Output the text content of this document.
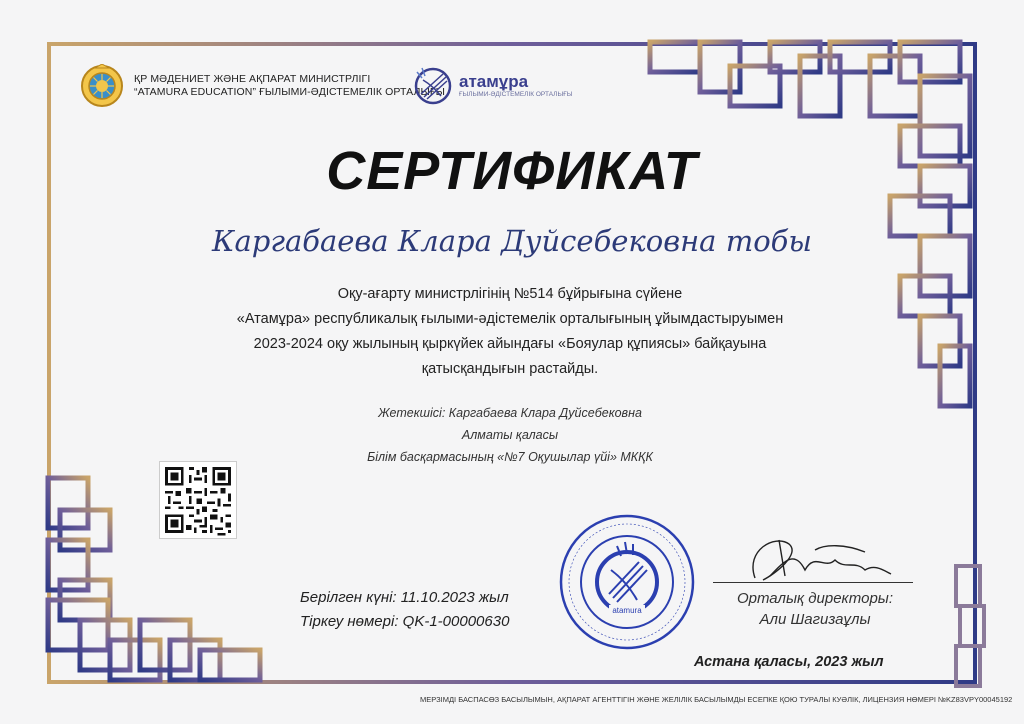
ҚР МӘДЕНИЕТ ЖӘНЕ АҚПАРАТ МИНИСТРЛІГІ
“ATAMURA EDUCATION” ҒЫЛЫМИ-ӘДІСТЕМЕЛІК ОРТАЛЫҒЫ
атамұра
ҒЫЛЫМИ-ӘДІСТЕМЕЛІК ОРТАЛЫҒЫ
СЕРТИФИКАТ
Каргабаева Клара Дуйсебековна тобы
Оқу-ағарту министрлігінің №514 бұйрығына сүйене
«Атамұра» республикалық ғылыми-әдістемелік орталығының ұйымдастыруымен
2023-2024 оқу жылының қыркүйек айындағы «Бояулар құпиясы» байқауына
қатысқандығын растайды.
Жетекшісі: Каргабаева Клара Дуйсебековна
Алматы қаласы
Білім басқармасының «№7 Оқушылар үйі» МКҚК
Берілген күні: 11.10.2023 жыл
Тіркеу нөмері: QK-1-00000630
atamura
Орталық директоры:
Али Шагизаұлы
Астана қаласы, 2023 жыл
МЕРЗІМДІ БАСПАСӨЗ БАСЫЛЫМЫН, АҚПАРАТ АГЕНТТІГІН ЖӘНЕ ЖЕЛІЛІК БАСЫЛЫМДЫ ЕСЕПКЕ ҚОЮ ТУРАЛЫ КУӘЛІК, ЛИЦЕНЗИЯ НӨМЕРІ №KZ83VPY00045192
